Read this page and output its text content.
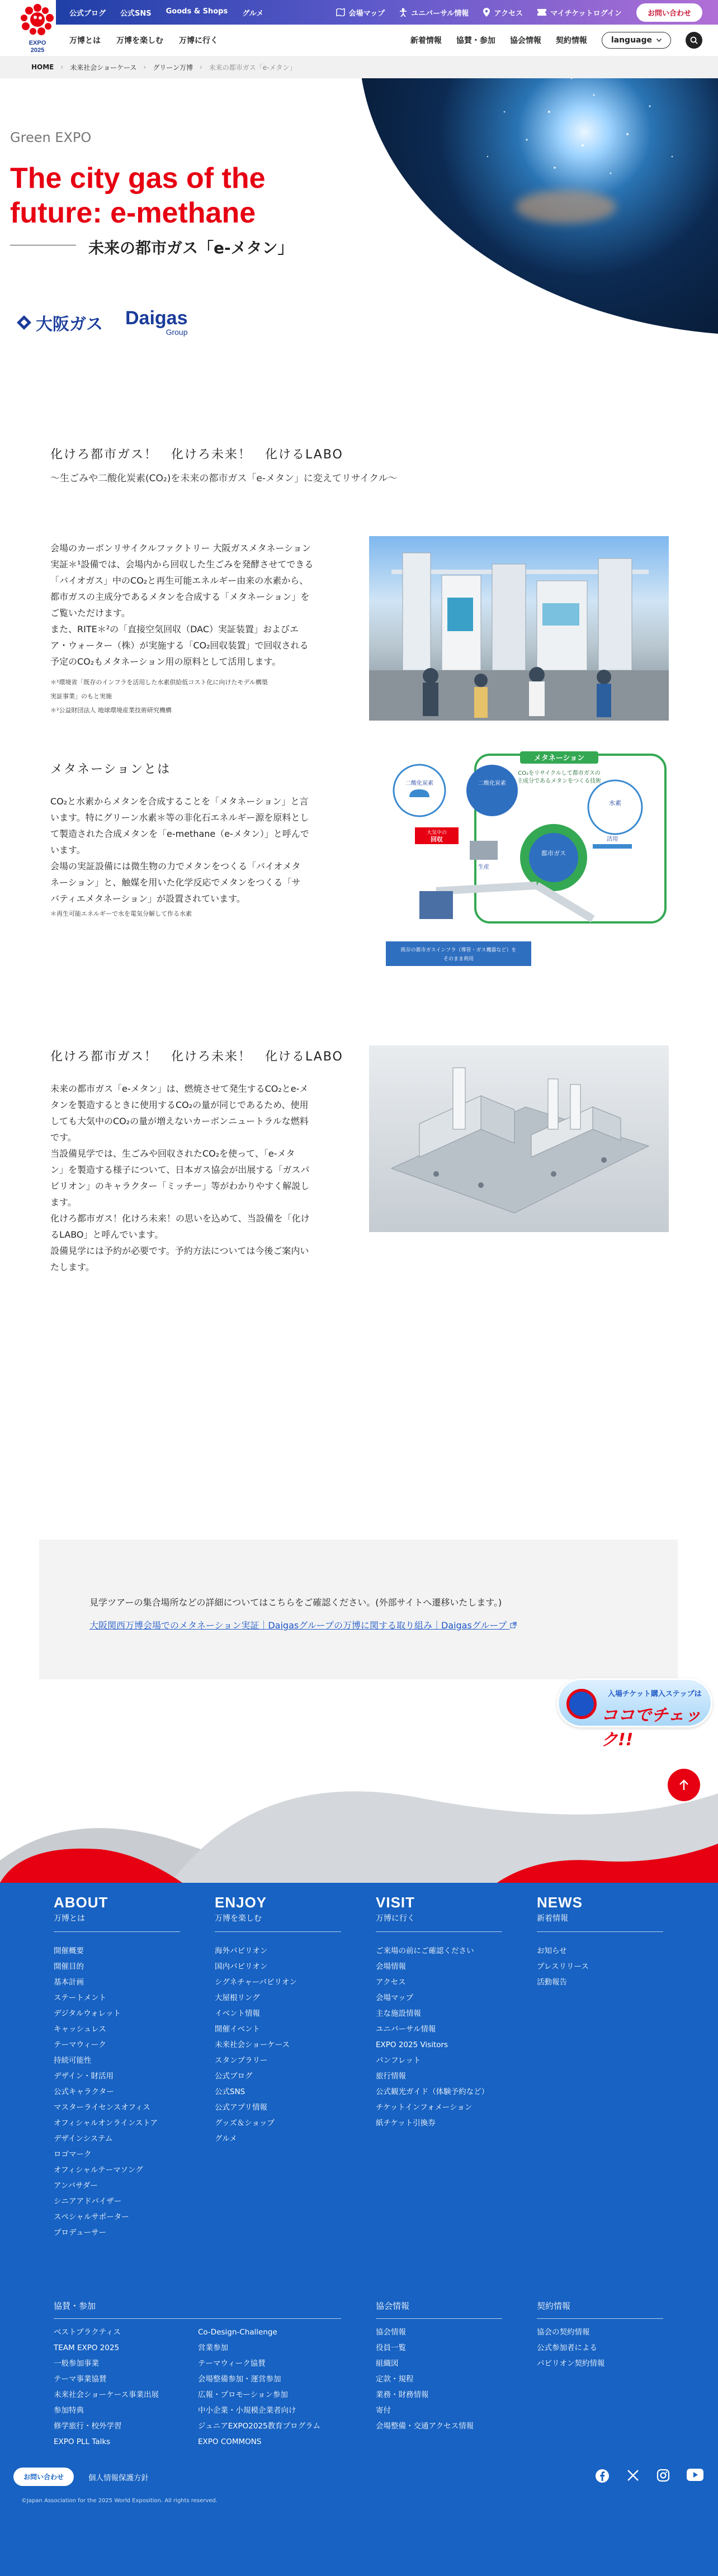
EXPO
2025
公式ブログ 公式SNS Goods & Shops グルメ	会場マップ	ユニバーサル情報	アクセス	マイチケットログイン	お問い合わせ
万博とは 万博を楽しむ 万博に行く	新着情報 協賛・参加 協会情報 契約情報	language
HOME › 未来社会ショーケース › グリーン万博 › 未来の都市ガス「e-メタン」
Green EXPO
The city gas of the future: e-methane
未来の都市ガス「e-メタン」
大阪ガス Daigas
Group
化けろ都市ガス！　化けろ未来！　化けるLABO

～生ごみや二酸化炭素(CO₂)を未来の都市ガス「e-メタン」に変えてリサイクル～

会場のカーボンリサイクルファクトリー 大阪ガスメタネーション
実証＊¹設備では、会場内から回収した生ごみを発酵させてできる
「バイオガス」中のCO₂と再生可能エネルギー由来の水素から、
都市ガスの主成分であるメタンを合成する「メタネーション」を
ご覧いただけます。
また、RITE＊²の「直接空気回収（DAC）実証装置」およびエ
ア・ウォーター（株）が実施する「CO₂回収装置」で回収される
予定のCO₂もメタネーション用の原料として活用します。
＊¹環境省「既存のインフラを活用した水素供給低コスト化に向けたモデル構築
実証事業」のもと実施
＊²公益財団法人 地球環境産業技術研究機構
メタネーションとは
CO₂と水素からメタンを合成することを「メタネーション」と言
います。特にグリーン水素＊等の非化石エネルギー源を原料とし
て製造された合成メタンを「e-methane（e-メタン）」と呼んで
います。
会場の実証設備には微生物の力でメタンをつくる「バイオメタ
ネーション」と、触媒を用いた化学反応でメタンをつくる「サ
バティエメタネーション」が設置されています。
＊再生可能エネルギーで水を電気分解して作る水素
メタネーション
CO₂をリサイクルして都市ガスの
主成分であるメタンをつくる技術
二酸化炭素	二酸化炭素
水素
都市ガス
大気中の
回収
生産
活用
既存の都市ガスインフラ（導管・ガス機器など）を
そのまま利用
化けろ都市ガス！　化けろ未来！　化けるLABO
未来の都市ガス「e-メタン」は、燃焼させて発生するCO₂とe-メ
タンを製造するときに使用するCO₂の量が同じであるため、使用
しても大気中のCO₂の量が増えないカーボンニュートラルな燃料
です。
当設備見学では、生ごみや回収されたCO₂を使って、「e-メタ
ン」を製造する様子について、日本ガス協会が出展する「ガスパ
ビリオン」のキャラクター「ミッチー」等がわかりやすく解説し
ます。
化けろ都市ガス！化けろ未来！の思いを込めて、当設備を「化け
るLABO」と呼んでいます。
設備見学には予約が必要です。予約方法については今後ご案内い
たします。
見学ツアーの集合場所などの詳細についてはこちらをご確認ください。(外部サイトへ遷移いたします。)
大阪関西万博会場でのメタネーション実証｜Daigasグループの万博に関する取り組み｜Daigasグループ
入場チケット購入ステップは
ココでチェック!!
ABOUT
万博とは
開催概要
開催目的
基本計画
ステートメント
デジタルウォレット
キャッシュレス
テーマウィーク
持続可能性
デザイン・財活用
公式キャラクター
マスターライセンスオフィス
オフィシャルオンラインストア
デザインシステム
ロゴマーク
オフィシャルテーマソング
アンバサダー
シニアアドバイザー
スペシャルサポーター
プロデューサー
ENJOY
万博を楽しむ
海外パビリオン
国内パビリオン
シグネチャーパビリオン
大屋根リング
イベント情報
開催イベント
未来社会ショーケース
スタンプラリー
公式ブログ
公式SNS
公式アプリ情報
グッズ＆ショップ
グルメ
VISIT
万博に行く
ご来場の前にご確認ください
会場情報
アクセス
会場マップ
主な施設情報
ユニバーサル情報
EXPO 2025 Visitors
パンフレット
旅行情報
公式観光ガイド（体験予約など）
チケットインフォメーション
紙チケット引換券
NEWS
新着情報
お知らせ
プレスリリース
活動報告
協賛・参加
ベストプラクティス
TEAM EXPO 2025
一般参加事業
テーマ事業協賛
未来社会ショーケース事業出展
参加特典
修学旅行・校外学習
EXPO PLL Talks
Co-Design-Challenge
営業参加
テーマウィーク協賛
会場整備参加・運営参加
広報・プロモーション参加
中小企業・小規模企業者向け
ジュニアEXPO2025教育プログラム
EXPO COMMONS
協会情報
協会情報
役員一覧
組織図
定款・規程
業務・財務情報
寄付
会場整備・交通アクセス情報
契約情報
協会の契約情報
公式参加者による
パビリオン契約情報
お問い合わせ	個人情報保護方針
©Japan Association for the 2025 World Exposition. All rights reserved.
